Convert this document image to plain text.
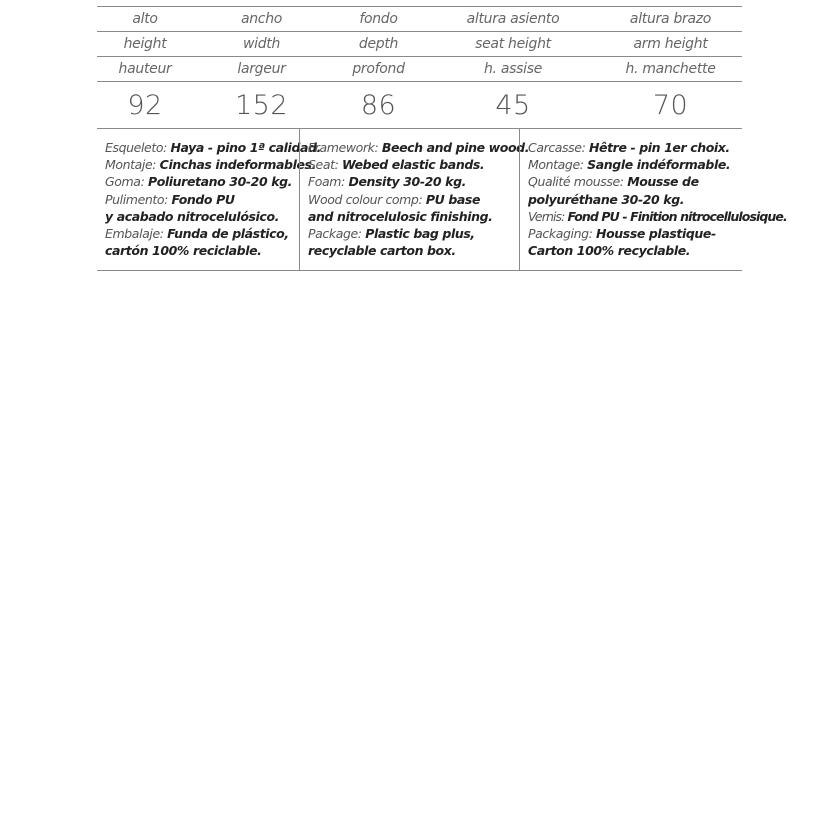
alto	ancho	fondo	altura asiento	altura brazo
height	width	depth	seat height	arm height
hauteur	largeur	profond	h. assise	h. manchette
92	152	86	45	70
Esqueleto: Haya - pino 1ª calidad.
Montaje: Cinchas indeformables.
Goma: Poliuretano 30-20 kg.
Pulimento: Fondo PU
y acabado nitrocelulósico.
Embalaje: Funda de plástico,
cartón 100% reciclable.
Framework: Beech and pine wood.
Seat: Webed elastic bands.
Foam: Density 30-20 kg.
Wood colour comp: PU base
and nitrocelulosic finishing.
Package: Plastic bag plus,
recyclable carton box.
Carcasse: Hêtre - pin 1er choix.
Montage: Sangle indéformable.
Qualité mousse: Mousse de
polyuréthane 30-20 kg.
Vernis: Fond PU - Finition nitrocellulosique.
Packaging: Housse plastique-
Carton 100% recyclable.
